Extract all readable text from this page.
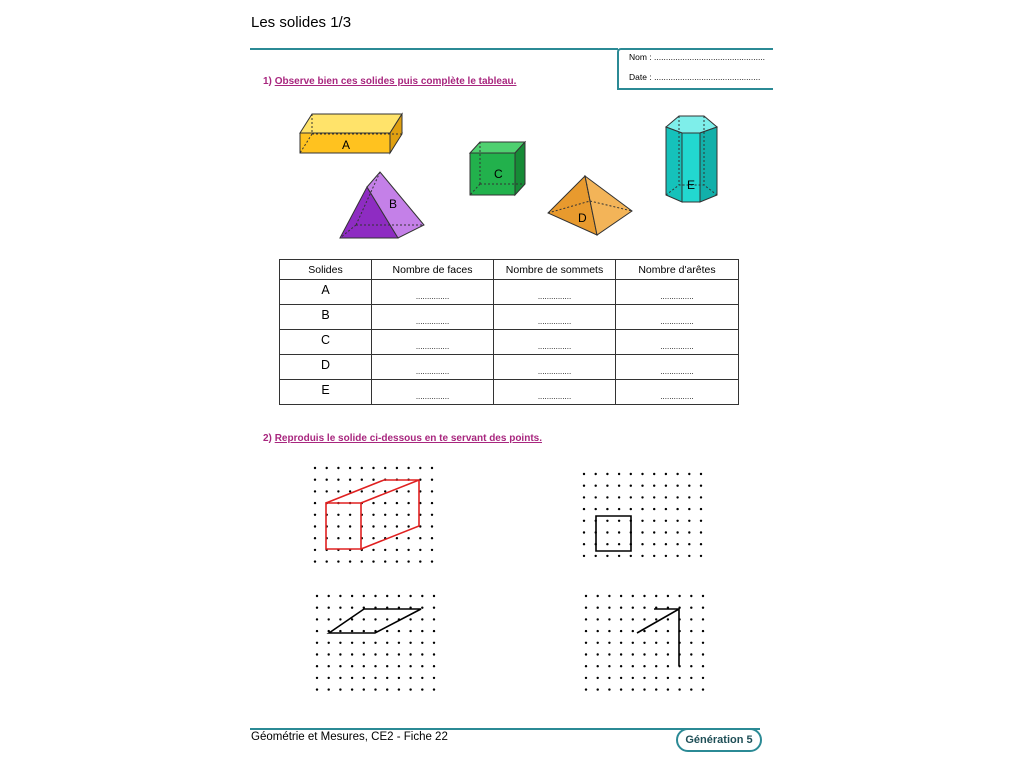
Les solides 1/3
Nom : ...............................................
Date : .............................................
1) Observe bien ces solides puis complète le tableau.
A
B
C
D
E
Solides	Nombre de faces	Nombre de sommets	Nombre d'arêtes
A	...............	...............	...............
B	...............	...............	...............
C	...............	...............	...............
D	...............	...............	...............
E	...............	...............	...............
2) Reproduis le solide ci-dessous en te servant des points.
Géométrie et Mesures, CE2 - Fiche 22	Génération 5
